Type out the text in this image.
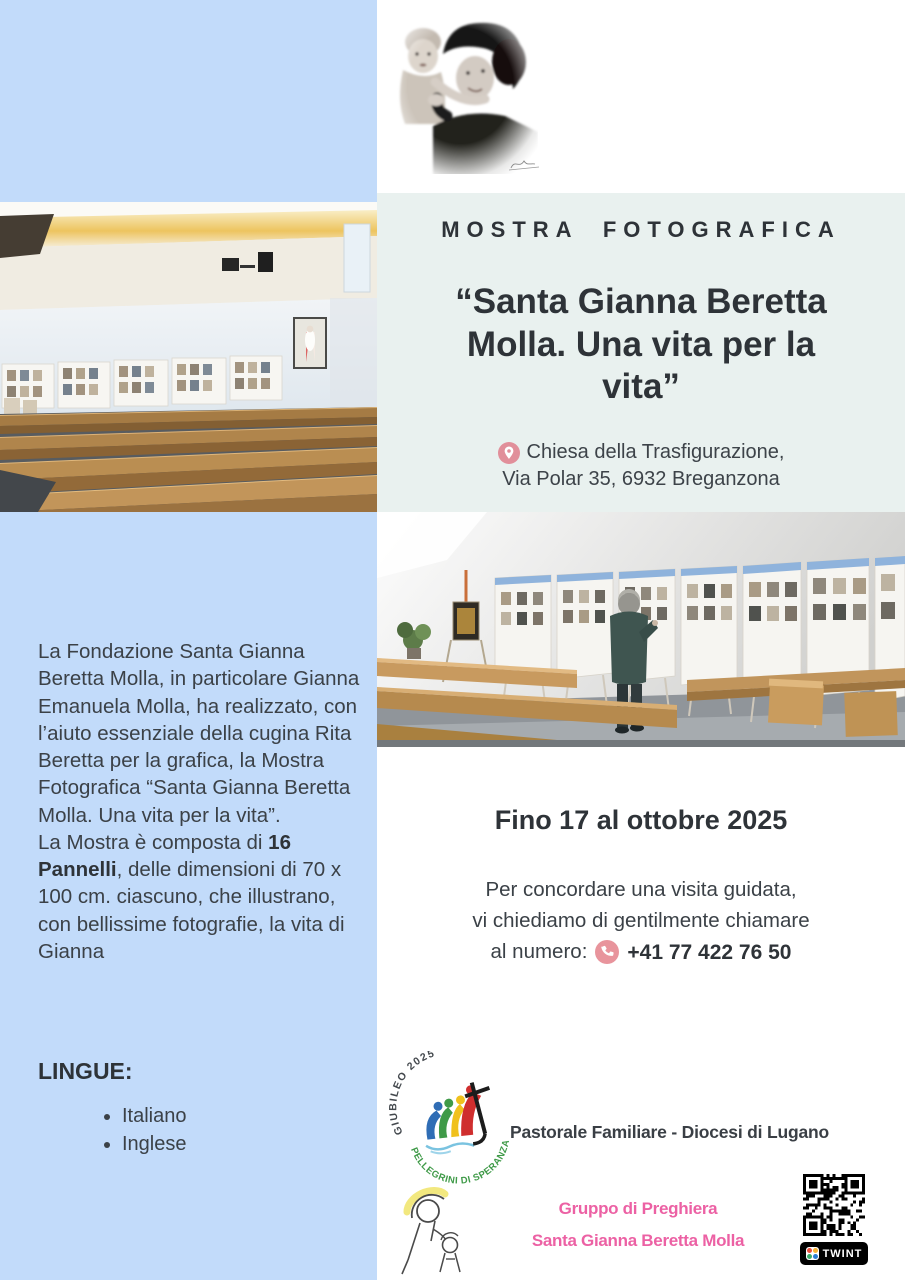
MOSTRA FOTOGRAFICA
“Santa Gianna Beretta Molla. Una vita per la vita”
Chiesa della Trasfigurazione,
Via Polar 35, 6932 Breganzona

La Fondazione Santa Gianna Beretta Molla, in particolare Gianna Emanuela Molla, ha realizzato, con l’aiuto essenziale della cugina Rita Beretta per la grafica, la Mostra Fotografica “Santa Gianna Beretta Molla. Una vita per la vita”.
La Mostra è composta di 16 Pannelli, delle dimensioni di 70 x 100 cm. ciascuno, che illustrano, con bellissime fotografie, la vita di Gianna

LINGUE:
• Italiano
• Inglese
Fino 17 al ottobre 2025
Per concordare una visita guidata,
vi chiediamo di gentilmente chiamare
al numero: +41 77 422 76 50
GIUBILEO 2025
PELLEGRINI DI SPERANZA
Pastorale Familiare - Diocesi di Lugano
Gruppo di Preghiera
Santa Gianna Beretta Molla
TWINT
